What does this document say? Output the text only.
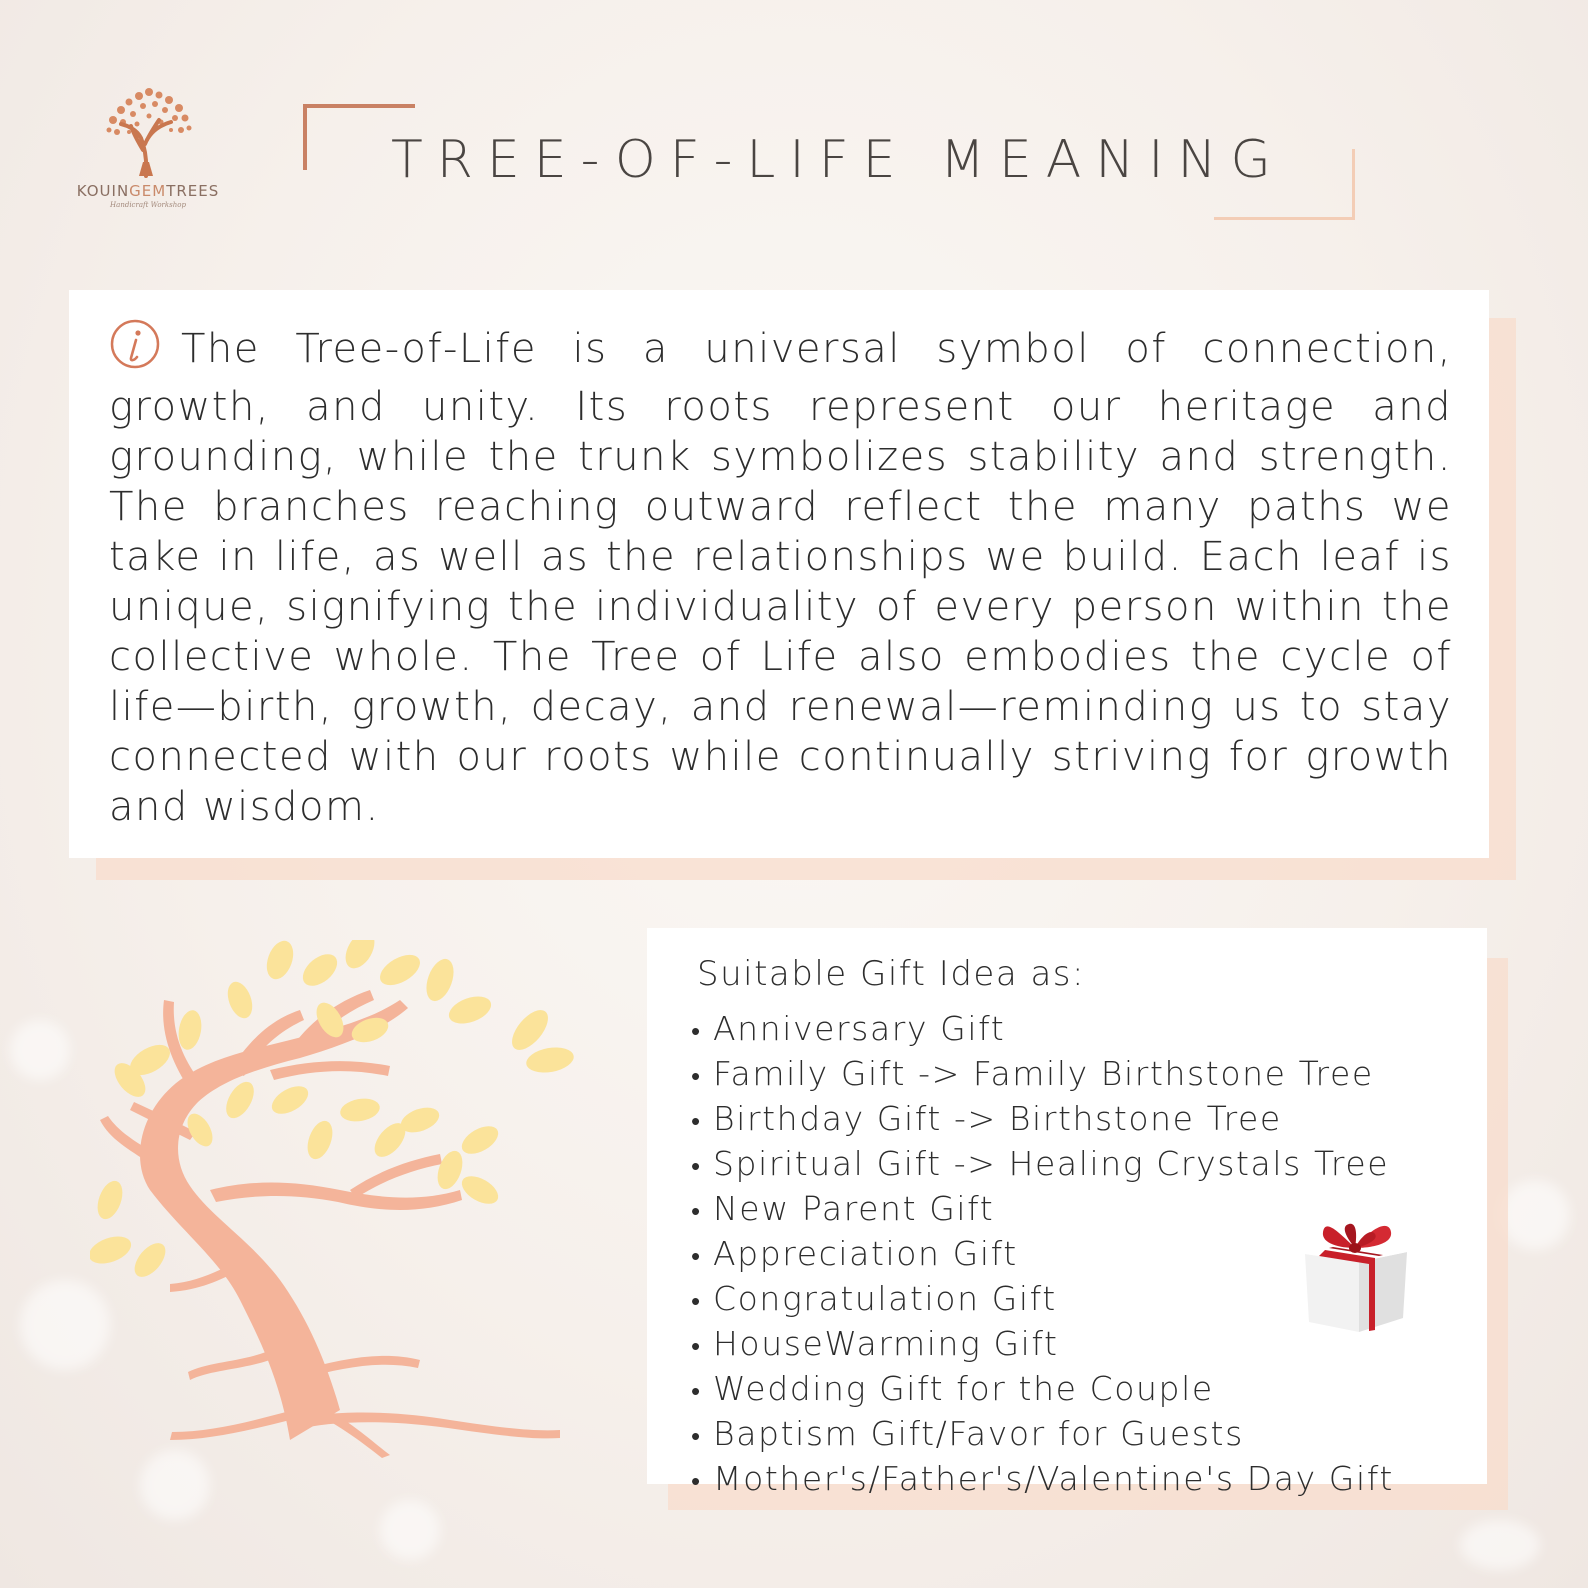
KOUINGEMTREES
Handicraft Workshop
TREE-OF-LIFE MEANING

The Tree-of-Life is a universal symbol of connection, growth, and unity. Its roots represent our heritage and grounding, while the trunk symbolizes stability and strength. The branches reaching outward reflect the many paths we take in life, as well as the relationships we build. Each leaf is unique, signifying the individuality of every person within the collective whole. The Tree of Life also embodies the cycle of life—birth, growth, decay, and renewal—reminding us to stay connected with our roots while continually striving for growth and wisdom.

Suitable Gift Idea as:
• Anniversary Gift
• Family Gift -> Family Birthstone Tree
• Birthday Gift -> Birthstone Tree
• Spiritual Gift -> Healing Crystals Tree
• New Parent Gift
• Appreciation Gift
• Congratulation Gift
• HouseWarming Gift
• Wedding Gift for the Couple
• Baptism Gift/Favor for Guests
• Mother's/Father's/Valentine's Day Gift
